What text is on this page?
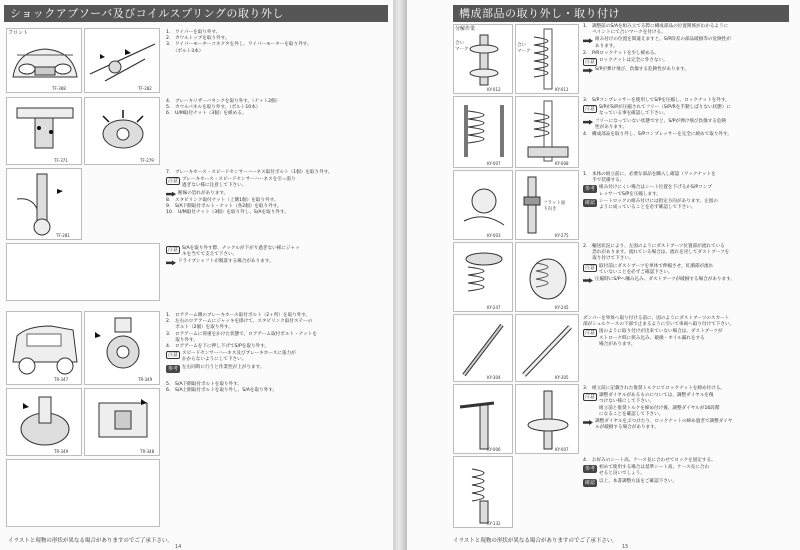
ショックアブソーバ及びコイルスプリングの取り外し
フロント
TF-368	TF-282
1.　ワイパーを取り外す。
2.　カウルトップを取り外す。
3.　ワイパーモーターコネクタを外し、ワイパーモーターを取り外す。
　　（ボルト3本）
TF-371	TF-279
4.　ブレーキリザーバタンクを取り外す。（ナット2個）
5.　カウルパネルを取り外す。（ボルト10本）
6.　U/M取付ナット（3個）を緩める。
TF-281
7.　ブレーキホース・スピードセンサーハーネス取付ボルト（1個）を取り外す。
注意 ブレーキホース・スピードセンサーハーネスを引っ張り
過ぎない様に注意して下さい。
断線の恐れがあります。
8.　スタビリンク取付ナット（上側1個）を取り外す。
9.　S/A下側取付ボルト・ナット（各2個）を取り外す。
10.　U/M取付ナット（3個）を取り外し、S/Aを取り外す。
注意 S/Aを取り外す際、ナックルが下がり過ぎない様にジャッ
キを当てて支えて下さい。
ドライブシャフトが脱落する場合があります。
TR-347	TR-349
1.　ロアアーム側のブレーキホース取付ボルト（2ヶ所）を取り外す。
2.　左右のロアアームにジャッキを掛けて、スタビリンク取付ステーの
　　ボルト（2個）を取り外す。
3.　ロアアームに荷重をかけた状態で、ロアアーム取付ボルト・ナットを
　　取り外す。
4.　ロアアームを下に押し下げてS/Pを取り外す。
注意 スピードセンサーハーネス及びブレーキホースに張力が
かからないようにして下さい。
参考 左右同時に行うと作業性が上がります。
TR-349	TR-348
5.　S/A下側取付ボルトを取り外す。
6.　S/A上側取付ボルトを取り外し、S/Aを取り外す。
イラストと現物の形状が異なる場合がありますのでご了承下さい。
14
構成部品の取り外し・取り付け
分解作業
KY-012
合い
マーク
合い
マーク
KY-011
1.　調整前のS/Aを組み立てる際に構成部品の位置関係がわかるように
　　ペイントにて合いマークを付ける。
組み付けの位置を間違えますと、S/P段差の部品破損等の危険性が
あります。
2.　P/Rロックナットを少し緩める。
注意 ロックナットは完全に外さない。
S/Pが弾け飛び、負傷する危険性があります。
KY-007	KY-008
3.　S/Pコンプレッサーを使用してS/Pを圧縮し、ロックナットを外す。
注意 S/PがS/Pが圧縮されてフリー（S/P/Rを手動しばりない状態）に
なっている事を確認して下さい。
フリーになっていない状態ですと、S/Pが弾け飛び負傷する危険
性があります。
4.　構成部品を取り外し、S/Pコンプレッサーを完全に緩めて取り外す。
KY-003
フラット面
下向き
KY-275
1.　本体の組立前に、必要な部品を購入し確認（ワックナットを
　　手で装備する。
参考 組み付けにくい場合はシート位置を下げるかS/Pコンプ
レッサーでS/Pを圧縮します。
確認 シートロックの組み付けには指定方向があります。左図の
ように成っていることを必ず確認して下さい。
KY-247	KY-245
2.　輸送状況により、左図のようにダストブーツ位置部が流れている
　　恐れがあります。流れている場合は、流れを戻してダストブーツを
　　取り付けて下さい。
注意 取付前にダストブーツを単体で伸縮させ、紅潮部が流れ
ていないことを必ずご確認下さい。
圧縮時にS/Pへ噛み込み、ダストブーツが破損する場合があります。
KY-304	KY-305
ダンパーを単体へ取り付ける前に、図のようにダストブーツのスカート
部がシェルケースの下部で止まるように引いて車両へ取り付けて下さい。
注意 図のように取り付けが出来ていない場合は、ダストブーツが
ストローク時に挟み込み、破損・オイル漏れをする
場合があります。
KY-006	KY-007
3.　組立前に記載された推奨トルクにてロックナットを締め付ける。
注意 調整ダイヤルがあるものについては、調整ダイヤルを傷
つけない様にして下さい。
組立前と推奨トルクを締め付け後、調整ダイヤルが16段階
になることを確認して下さい。
調整ダイヤルをぶつけたり、ロックナットの締め過ぎで調整ダイヤ
ルが破損する場合があります。
KY-132
4.　お好みのシート高、ケース長に合わせてロックを固定する。
参考 初めて使用する場合は基準シート高、ケース長に合わ
せると良いでしょう。
確認 以上、本書調整方法をご確認下さい。
イラストと現物の形状が異なる場合がありますのでご了承下さい。
15
